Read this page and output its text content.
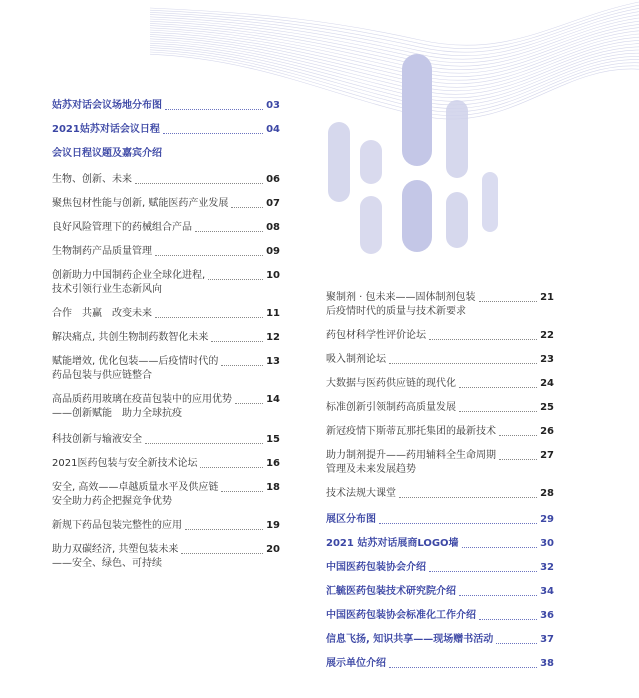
姑苏对话会议场地分布图	03
2021姑苏对话会议日程	04
会议日程议题及嘉宾介绍
生物、创新、未来	06
聚焦包材性能与创新, 赋能医药产业发展	07
良好风险管理下的药械组合产品	08
生物制药产品质量管理	09
创新助力中国制药企业全球化进程,	10
技术引领行业生态新风向
合作　共赢　改变未来	11
解决痛点, 共创生物制药数智化未来	12
赋能增效, 优化包装——后疫情时代的	13
药品包装与供应链整合
高品质药用玻璃在疫苗包装中的应用优势	14
——创新赋能　助力全球抗疫
科技创新与输液安全	15
2021医药包装与安全新技术论坛	16
安全, 高效——卓越质量水平及供应链	18
安全助力药企把握竞争优势
新规下药品包装完整性的应用	19
助力双碳经济, 共塑包装未来	20
——安全、绿色、可持续
聚制剂 · 包未来——固体制剂包装	21
后疫情时代的质量与技术新要求
药包材科学性评价论坛	22
吸入制剂论坛	23
大数据与医药供应链的现代化	24
标准创新引领制药高质量发展	25
新冠疫情下斯蒂瓦那托集团的最新技术	26
助力制剂提升——药用辅料全生命周期	27
管理及未来发展趋势
技术法规大课堂	28
展区分布图	29
2021 姑苏对话展商LOGO墙	30
中国医药包装协会介绍	32
汇毓医药包装技术研究院介绍	34
中国医药包装协会标准化工作介绍	36
信息飞扬, 知识共享——现场赠书活动	37
展示单位介绍	38
